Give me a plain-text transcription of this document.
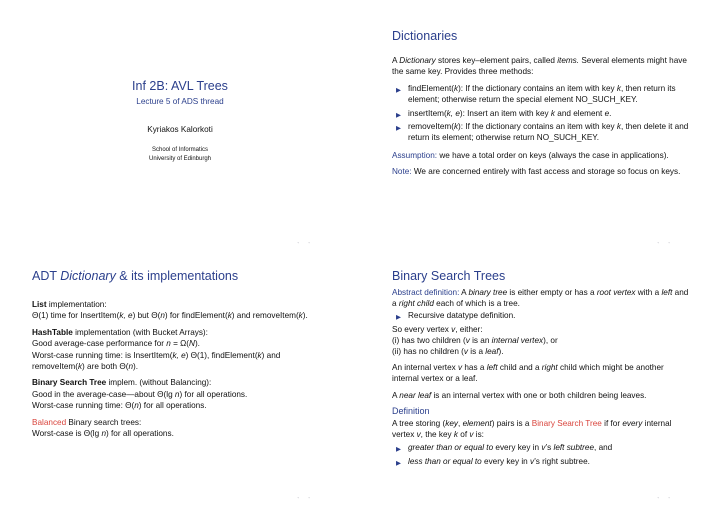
Inf 2B: AVL Trees
Lecture 5 of ADS thread
Kyriakos Kalorkoti
School of Informatics
University of Edinburgh
◦ ◦
Dictionaries

A Dictionary stores key–element pairs, called items. Several elements might have the same key. Provides three methods:

▶ findElement(k): If the dictionary contains an item with key k, then return its element; otherwise return the special element NO_SUCH_KEY.
▶ insertItem(k, e): Insert an item with key k and element e.
▶ removeItem(k): If the dictionary contains an item with key k, then delete it and return its element; otherwise return NO_SUCH_KEY.

Assumption: we have a total order on keys (always the case in applications).

Note: We are concerned entirely with fast access and storage so focus on keys.

◦ ◦
ADT Dictionary & its implementations

List implementation:
Θ(1) time for InsertItem(k, e) but Θ(n) for findElement(k) and removeItem(k).

HashTable implementation (with Bucket Arrays):
Good average-case performance for n = Ω(N).
Worst-case running time: is InsertItem(k, e) Θ(1), findElement(k) and removeItem(k) are both Θ(n).

Binary Search Tree implem. (without Balancing):
Good in the average-case—about Θ(lg n) for all operations.
Worst-case running time: Θ(n) for all operations.

Balanced Binary search trees:
Worst-case is Θ(lg n) for all operations.

◦ ◦
Binary Search Trees

Abstract definition: A binary tree is either empty or has a root vertex with a left and a right child each of which is a tree.

▶ Recursive datatype definition.

So every vertex v, either:
(i) has two children (v is an internal vertex), or
(ii) has no children (v is a leaf).

An internal vertex v has a left child and a right child which might be another internal vertex or a leaf.

A near leaf is an internal vertex with one or both children being leaves.

Definition

A tree storing (key, element) pairs is a Binary Search Tree if for every internal vertex v, the key k of v is:

▶ greater than or equal to every key in v’s left subtree, and
▶ less than or equal to every key in v’s right subtree.
◦ ◦
